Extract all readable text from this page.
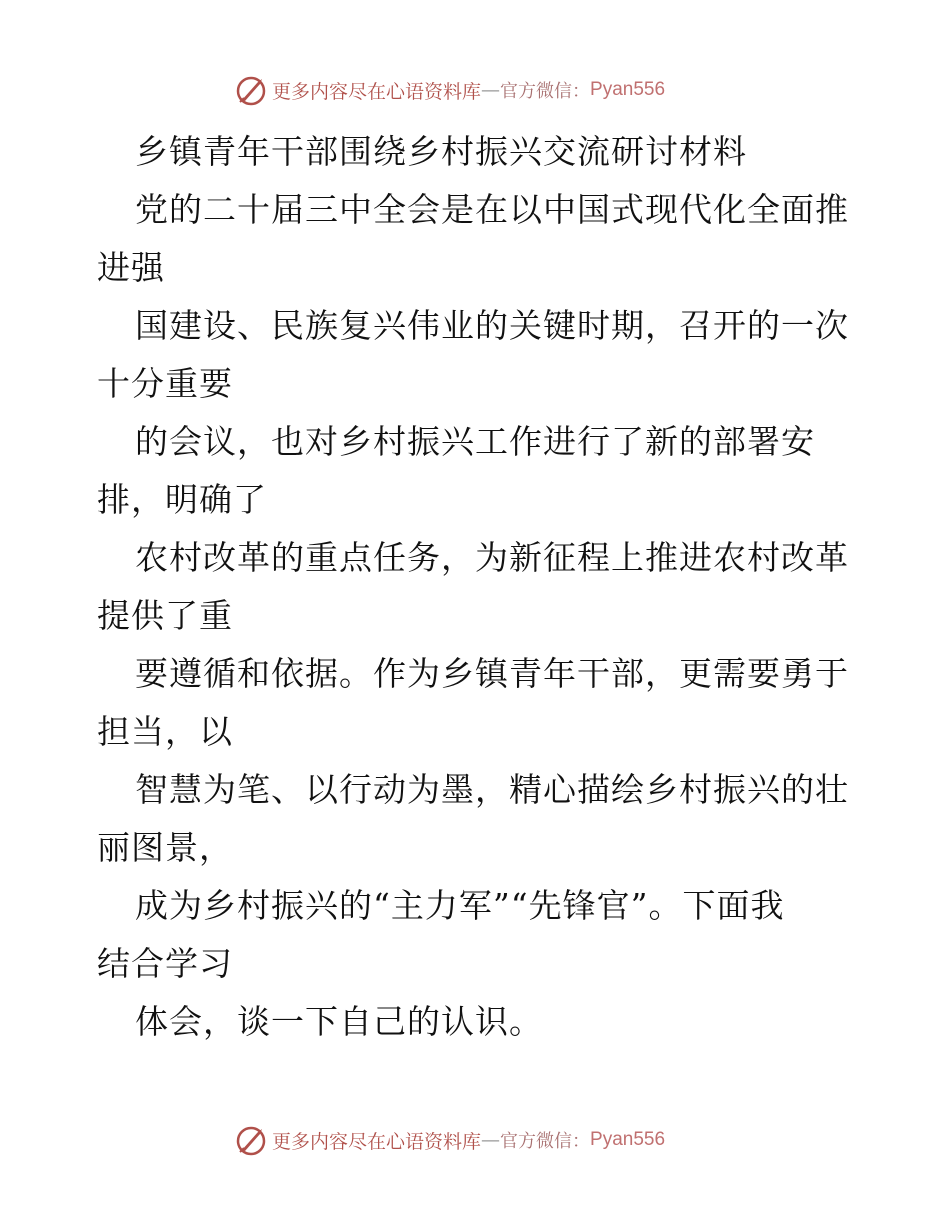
更多内容尽在心语资料库 — 官方微信： Pyan556
乡镇青年干部围绕乡村振兴交流研讨材料
党的二十届三中全会是在以中国式现代化全面推
进强
国建设、民族复兴伟业的关键时期，召开的一次
十分重要
的会议，也对乡村振兴工作进行了新的部署安
排，明确了
农村改革的重点任务，为新征程上推进农村改革
提供了重
要遵循和依据。作为乡镇青年干部，更需要勇于
担当，以
智慧为笔、以行动为墨，精心描绘乡村振兴的壮
丽图景，
成为乡村振兴的“主力军”“先锋官”。下面我
结合学习
体会，谈一下自己的认识。
更多内容尽在心语资料库 — 官方微信： Pyan556
